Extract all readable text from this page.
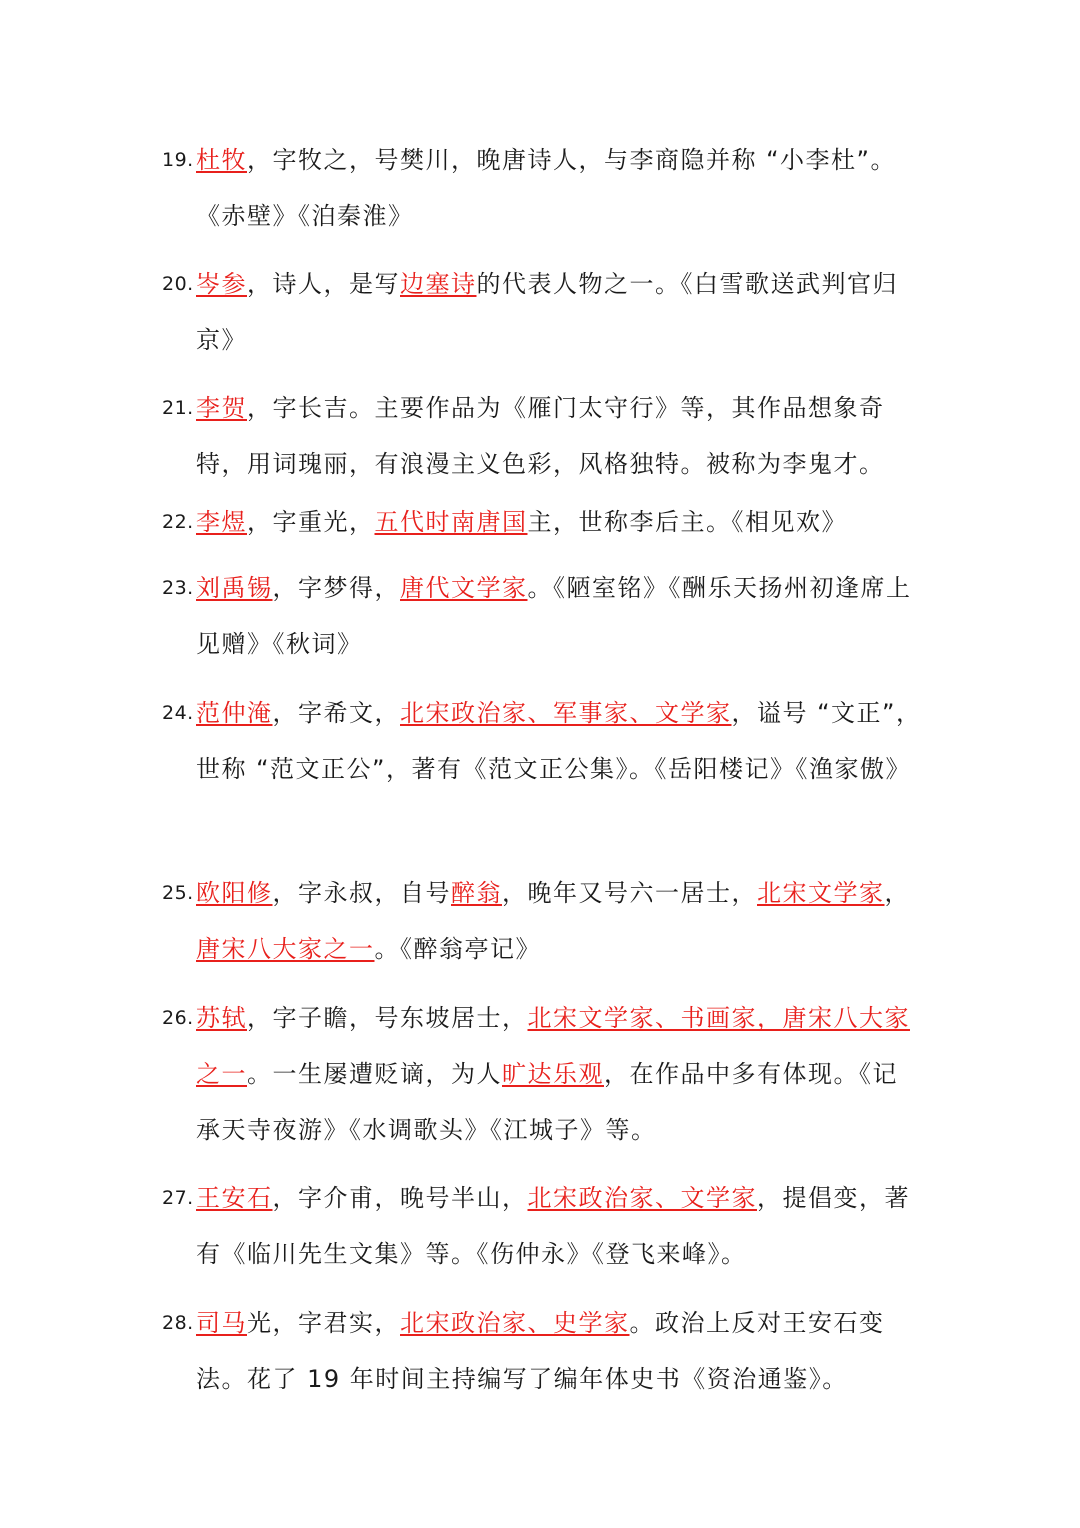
19. 杜牧，字牧之，号樊川，晚唐诗人，与李商隐并称 “小李杜”。《赤壁》《泊秦淮》
20. 岑参，诗人，是写边塞诗的代表人物之一。《白雪歌送武判官归京》
21. 李贺，字长吉。主要作品为《雁门太守行》等，其作品想象奇特，用词瑰丽，有浪漫主义色彩，风格独特。被称为李鬼才。
22. 李煜，字重光，五代时南唐国主，世称李后主。《相见欢》
23. 刘禹锡，字梦得，唐代文学家。《陋室铭》《酬乐天扬州初逢席上见赠》《秋词》
24. 范仲淹，字希文，北宋政治家、军事家、文学家，谥号 “文正”，世称 “范文正公”，著有《范文正公集》。《岳阳楼记》《渔家傲》
25. 欧阳修，字永叔，自号醉翁，晚年又号六一居士，北宋文学家，唐宋八大家之一。《醉翁亭记》
26. 苏轼，字子瞻，号东坡居士，北宋文学家、书画家，唐宋八大家之一。一生屡遭贬谪，为人旷达乐观，在作品中多有体现。《记承天寺夜游》《水调歌头》《江城子》等。
27. 王安石，字介甫，晚号半山，北宋政治家、文学家，提倡变，著有《临川先生文集》等。《伤仲永》《登飞来峰》。
28. 司马光，字君实，北宋政治家、史学家。政治上反对王安石变法。花了 19 年时间主持编写了编年体史书《资治通鉴》。
